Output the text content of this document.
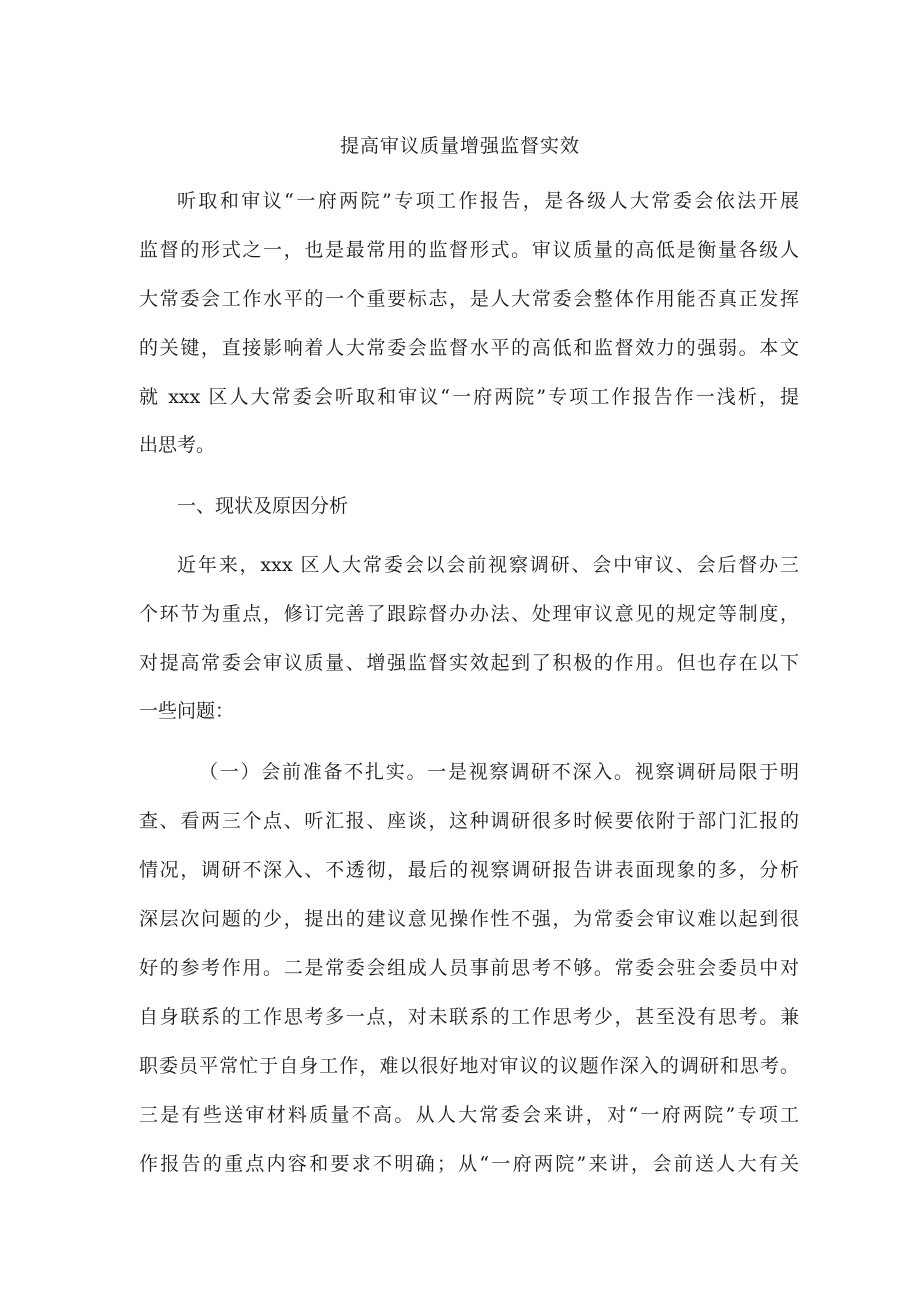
提高审议质量增强监督实效
听取和审议“一府两院”专项工作报告，是各级人大常委会依法开展
监督的形式之一，也是最常用的监督形式。审议质量的高低是衡量各级人
大常委会工作水平的一个重要标志，是人大常委会整体作用能否真正发挥
的关键，直接影响着人大常委会监督水平的高低和监督效力的强弱。本文
就 xxx 区人大常委会听取和审议“一府两院”专项工作报告作一浅析，提
出思考。
一、现状及原因分析
近年来，xxx 区人大常委会以会前视察调研、会中审议、会后督办三
个环节为重点，修订完善了跟踪督办办法、处理审议意见的规定等制度，
对提高常委会审议质量、增强监督实效起到了积极的作用。但也存在以下
一些问题：
（一）会前准备不扎实。一是视察调研不深入。视察调研局限于明
查、看两三个点、听汇报、座谈，这种调研很多时候要依附于部门汇报的
情况，调研不深入、不透彻，最后的视察调研报告讲表面现象的多，分析
深层次问题的少，提出的建议意见操作性不强，为常委会审议难以起到很
好的参考作用。二是常委会组成人员事前思考不够。常委会驻会委员中对
自身联系的工作思考多一点，对未联系的工作思考少，甚至没有思考。兼
职委员平常忙于自身工作，难以很好地对审议的议题作深入的调研和思考。
三是有些送审材料质量不高。从人大常委会来讲，对“一府两院”专项工
作报告的重点内容和要求不明确；从“一府两院”来讲，会前送人大有关
